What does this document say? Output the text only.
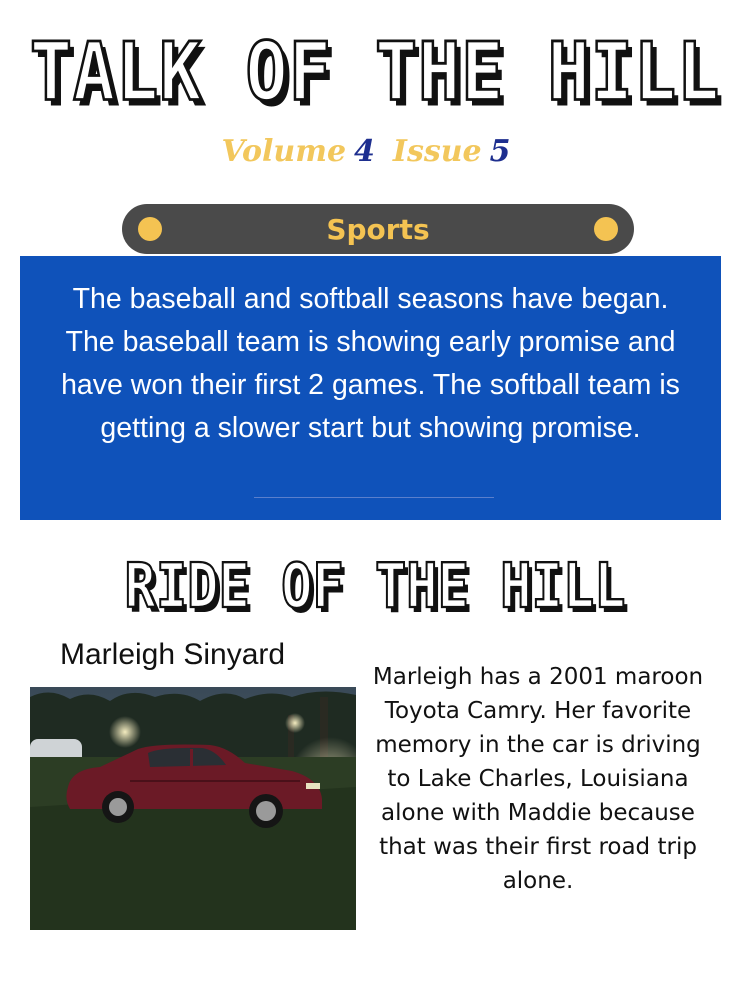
TALK OF THE HILL
Volume 4 Issue 5
Sports
The baseball and softball seasons have began. The baseball team is showing early promise and have won their first 2 games. The softball team is getting a slower start but showing promise.
RIDE OF THE HILL
Marleigh Sinyard
Marleigh has a 2001 maroon Toyota Camry. Her favorite memory in the car is driving to Lake Charles, Louisiana alone with Maddie because that was their first road trip alone.
